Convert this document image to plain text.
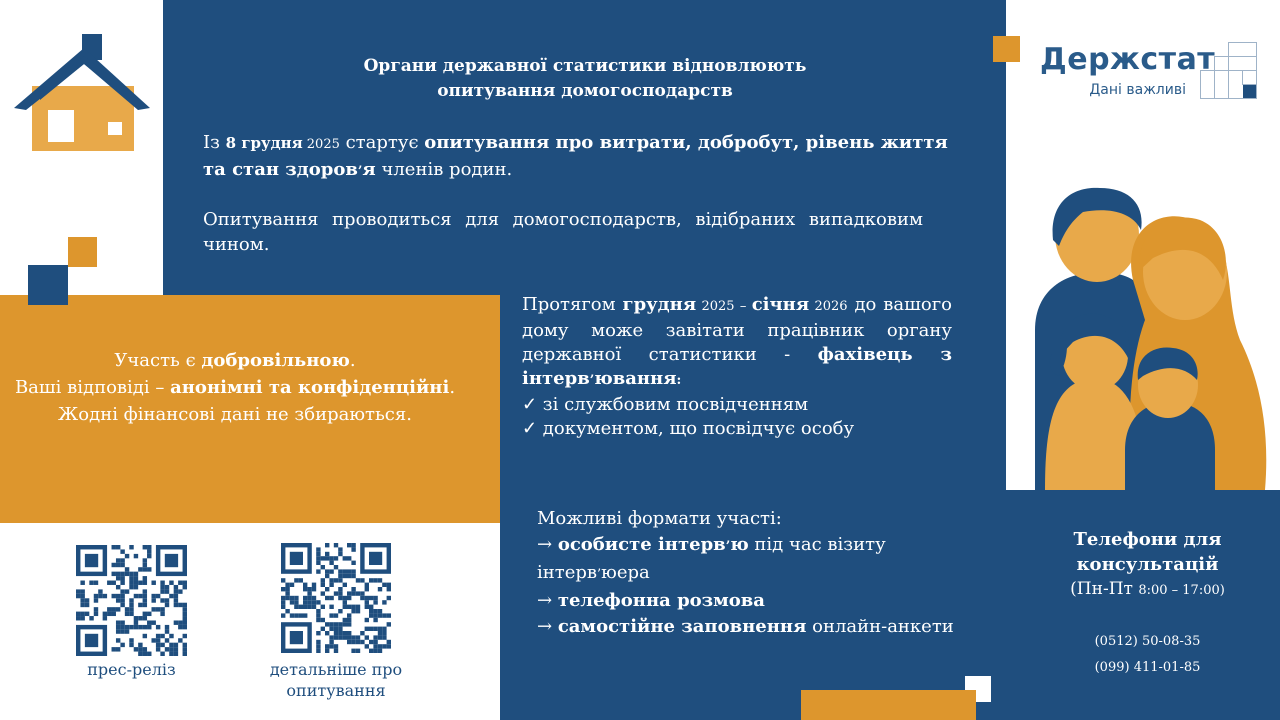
Органи державної статистики відновлюють
опитування домогосподарств
Із 8 грудня 2025 стартує опитування про витрати, добробут, рівень життя та стан здоров’я членів родин.
Опитування проводиться для домогосподарств, відібраних випадковим чином.
Участь є добровільною.
Ваші відповіді – анонімні та конфіденційні.
Жодні фінансові дані не збираються.
Протягом грудня 2025 – січня 2026 до вашого дому може завітати працівник органу державної статистики - фахівець з інтерв’ювання:
✓ зі службовим посвідченням
✓ документом, що посвідчує особу
Можливі формати участі:
→ особисте інтерв’ю під час візиту інтерв’юера
→ телефонна розмова
→ самостійне заповнення онлайн-анкети
Телефони для
консультацій
(Пн-Пт 8:00 – 17:00)
(0512) 50-08-35
(099) 411-01-85
прес-реліз	детальніше про
опитування
Держстат
Дані важливі
